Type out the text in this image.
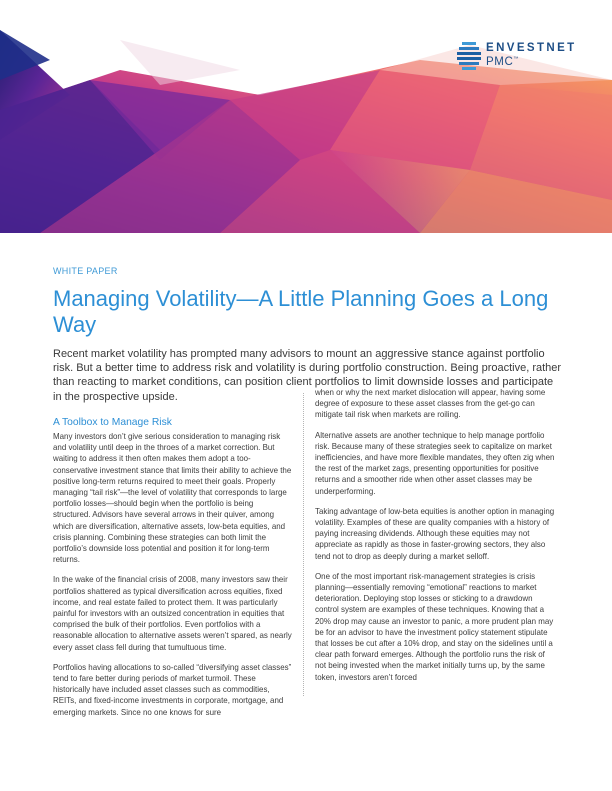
ENVESTNET
PMC™
WHITE PAPER
Managing Volatility—A Little Planning Goes a Long Way

Recent market volatility has prompted many advisors to mount an aggressive stance against portfolio risk. But a better time to address risk and volatility is during portfolio construction. Being proactive, rather than reacting to market conditions, can position client portfolios to limit downside losses and participate in the prospective upside.

A Toolbox to Manage Risk

Many investors don’t give serious consideration to managing risk and volatility until deep in the throes of a market correction. But waiting to address it then often makes them adopt a too-conservative investment stance that limits their ability to achieve the positive long-term returns required to meet their goals. Properly managing “tail risk”—the level of volatility that corresponds to large portfolio losses—should begin when the portfolio is being structured. Advisors have several arrows in their quiver, among which are diversification, alternative assets, low-beta equities, and crisis planning. Combining these strategies can both limit the portfolio’s downside loss potential and position it for long-term returns.

In the wake of the financial crisis of 2008, many investors saw their portfolios shattered as typical diversification across equities, fixed income, and real estate failed to protect them. It was particularly painful for investors with an outsized concentration in equities that comprised the bulk of their portfolios. Even portfolios with a reasonable allocation to alternative assets weren’t spared, as nearly every asset class fell during that tumultuous time.

Portfolios having allocations to so-called “diversifying asset classes” tend to fare better during periods of market turmoil. These historically have included asset classes such as commodities, REITs, and fixed-income investments in corporate, mortgage, and emerging markets. Since no one knows for sure

when or why the next market dislocation will appear, having some degree of exposure to these asset classes from the get-go can mitigate tail risk when markets are roiling.

Alternative assets are another technique to help manage portfolio risk. Because many of these strategies seek to capitalize on market inefficiencies, and have more flexible mandates, they often zig when the rest of the market zags, presenting opportunities for positive returns and a smoother ride when other asset classes may be underperforming.

Taking advantage of low-beta equities is another option in managing volatility. Examples of these are quality companies with a history of paying increasing dividends. Although these equities may not appreciate as rapidly as those in faster-growing sectors, they also tend not to drop as deeply during a market selloff.

One of the most important risk-management strategies is crisis planning—essentially removing “emotional” reactions to market deterioration. Deploying stop losses or sticking to a drawdown control system are examples of these techniques. Knowing that a 20% drop may cause an investor to panic, a more prudent plan may be for an advisor to have the investment policy statement stipulate that losses be cut after a 10% drop, and stay on the sidelines until a clear path forward emerges. Although the portfolio runs the risk of not being invested when the market initially turns up, by the same token, investors aren’t forced
